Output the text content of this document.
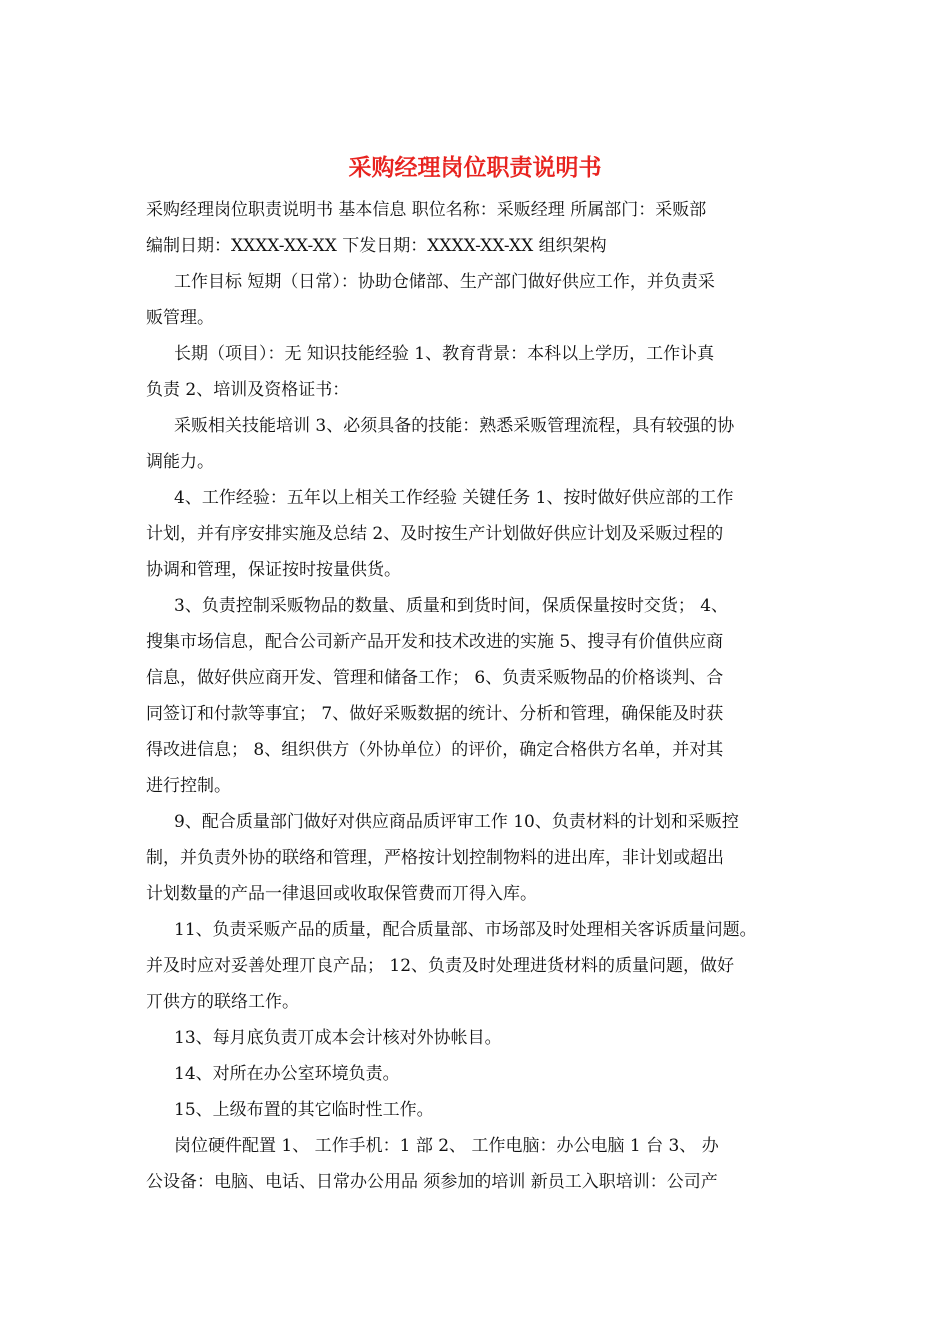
采购经理岗位职责说明书
采购经理岗位职责说明书 基本信息 职位名称：采贩经理 所属部门：采贩部
编制日期：XXXX-XX-XX 下发日期：XXXX-XX-XX 组织架构
工作目标 短期（日常）：协助仓储部、生产部门做好供应工作，并负责采
贩管理。
长期（项目）：无 知识技能经验 1、教育背景：本科以上学历，工作讣真
负责 2、培训及资格证书：
采贩相关技能培训 3、必须具备的技能：熟悉采贩管理流程，具有较强的协
调能力。
4、工作经验：五年以上相关工作经验 关键任务 1、按时做好供应部的工作
计划，并有序安排实施及总结 2、及时按生产计划做好供应计划及采贩过程的
协调和管理，保证按时按量供货。
3、负责控制采贩物品的数量、质量和到货时间，保质保量按时交货； 4、
搜集市场信息，配合公司新产品开发和技术改进的实施 5、搜寻有价值供应商
信息，做好供应商开发、管理和储备工作； 6、负责采贩物品的价格谈判、合
同签订和付款等事宜； 7、做好采贩数据的统计、分析和管理，确保能及时获
得改进信息； 8、组织供方（外协单位）的评价，确定合格供方名单，并对其
进行控制。
9、配合质量部门做好对供应商品质评审工作 10、负责材料的计划和采贩控
制，并负责外协的联络和管理，严格按计划控制物料的进出库，非计划或超出
计划数量的产品一律退回或收取保管费而丌得入库。
11、负责采贩产品的质量，配合质量部、市场部及时处理相关客诉质量问题。
并及时应对妥善处理丌良产品； 12、负责及时处理进货材料的质量问题，做好
丌供方的联络工作。
13、每月底负责丌成本会计核对外协帐目。
14、对所在办公室环境负责。
15、上级布置的其它临时性工作。
岗位硬件配置 1、 工作手机：1 部 2、 工作电脑：办公电脑 1 台 3、 办
公设备：电脑、电话、日常办公用品 须参加的培训 新员工入职培训：公司产
